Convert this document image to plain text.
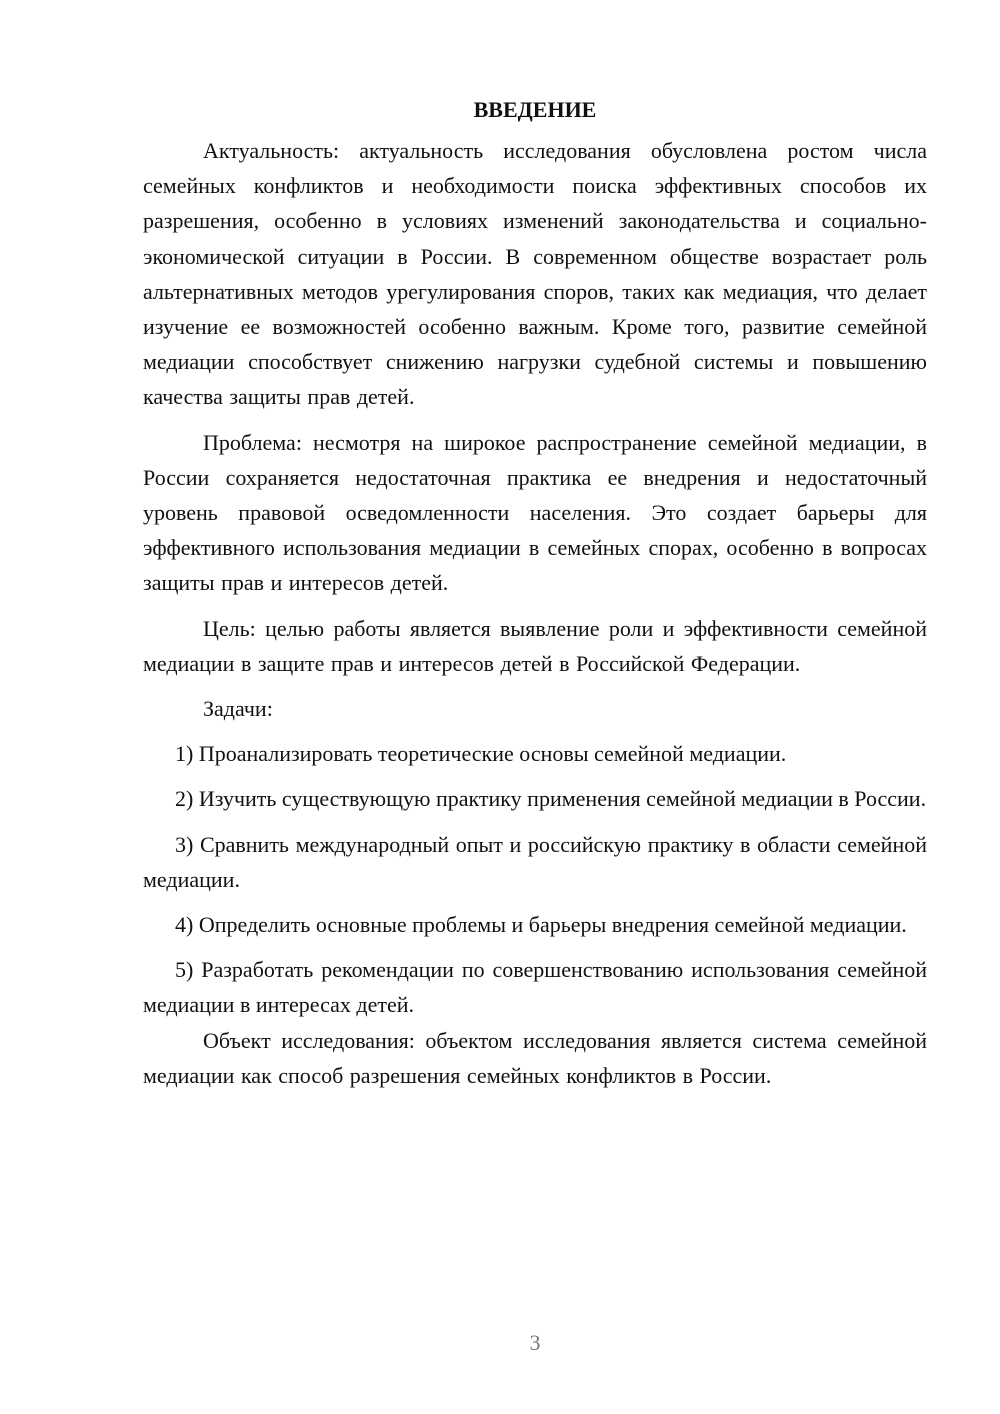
ВВЕДЕНИЕ

Актуальность: актуальность исследования обусловлена ростом числа семейных конфликтов и необходимости поиска эффективных способов их разрешения, особенно в условиях изменений законодательства и социально-экономической ситуации в России. В современном обществе возрастает роль альтернативных методов урегулирования споров, таких как медиация, что делает изучение ее возможностей особенно важным. Кроме того, развитие семейной медиации способствует снижению нагрузки судебной системы и повышению качества защиты прав детей.

Проблема: несмотря на широкое распространение семейной медиации, в России сохраняется недостаточная практика ее внедрения и недостаточный уровень правовой осведомленности населения. Это создает барьеры для эффективного использования медиации в семейных спорах, особенно в вопросах защиты прав и интересов детей.

Цель: целью работы является выявление роли и эффективности семейной медиации в защите прав и интересов детей в Российской Федерации.

Задачи:

1) Проанализировать теоретические основы семейной медиации.

2) Изучить существующую практику применения семейной медиации в России.

3) Сравнить международный опыт и российскую практику в области семейной медиации.

4) Определить основные проблемы и барьеры внедрения семейной медиации.

5) Разработать рекомендации по совершенствованию использования семейной медиации в интересах детей.

Объект исследования: объектом исследования является система семейной медиации как способ разрешения семейных конфликтов в России.

3
